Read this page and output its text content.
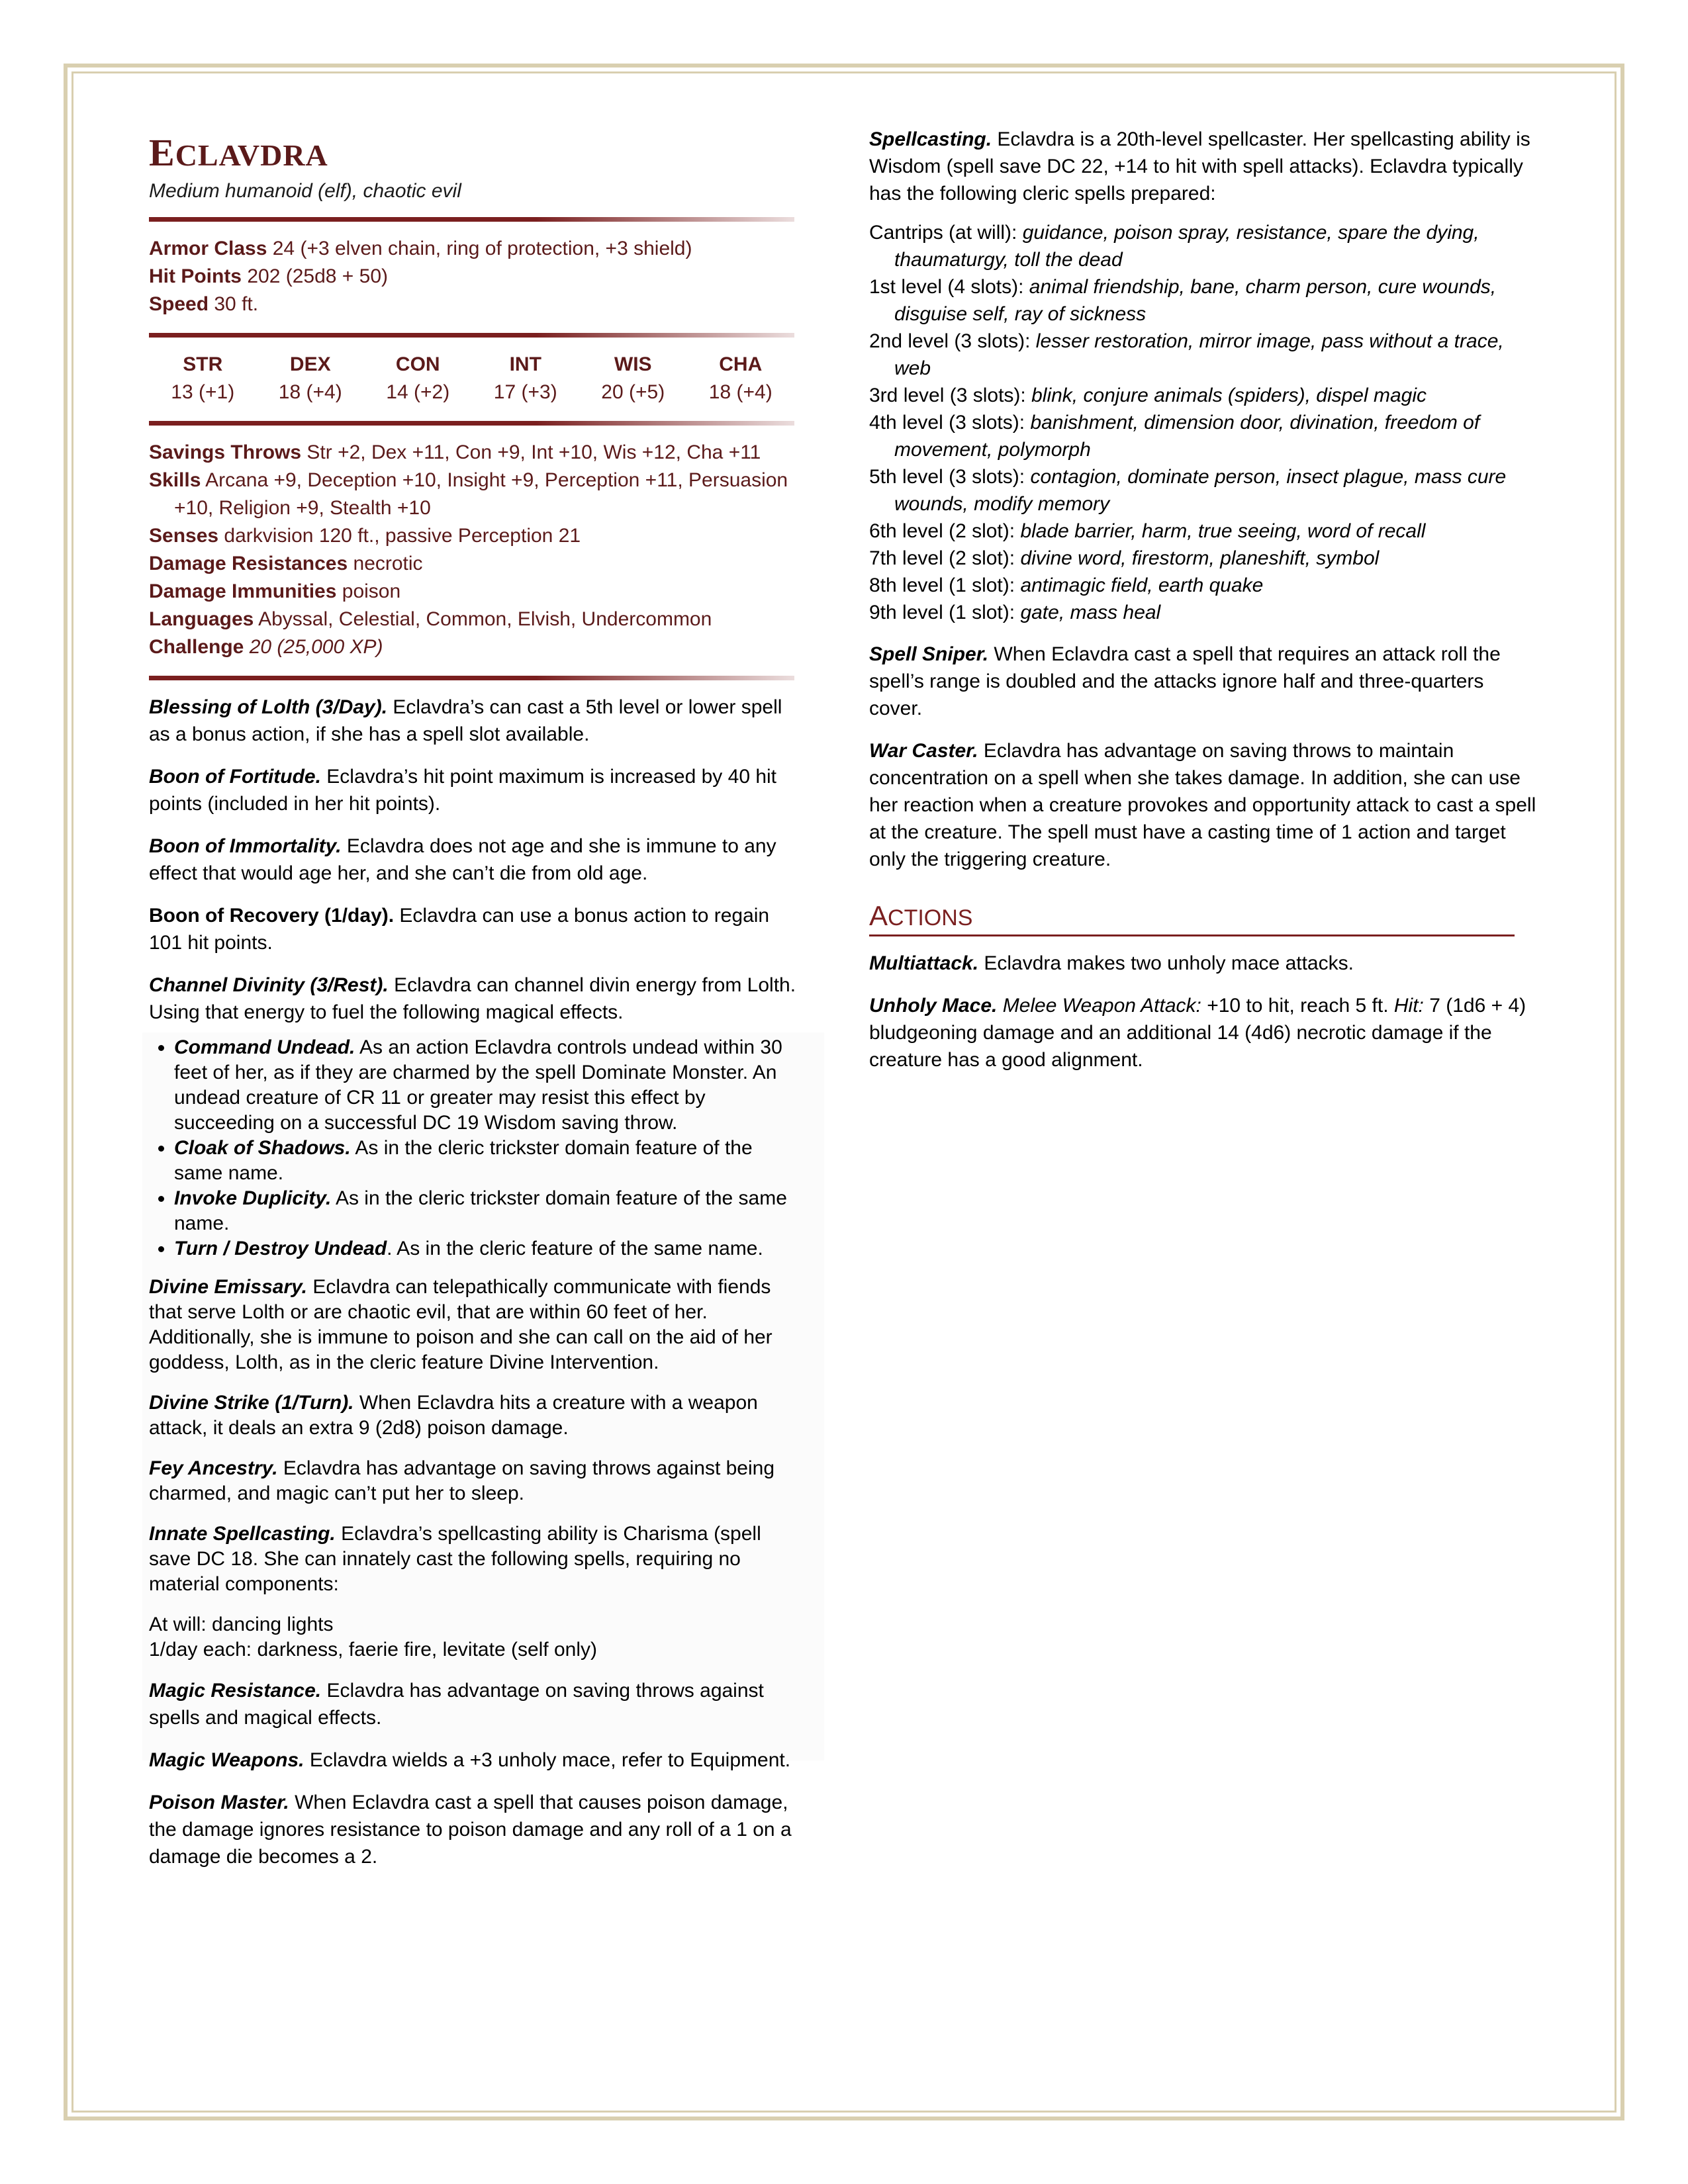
ECLAVDRA
Medium humanoid (elf), chaotic evil
Armor Class 24 (+3 elven chain, ring of protection, +3 shield)
Hit Points 202 (25d8 + 50)
Speed 30 ft.
STR
13 (+1)
DEX
18 (+4)
CON
14 (+2)
INT
17 (+3)
WIS
20 (+5)
CHA
18 (+4)
Savings Throws Str +2, Dex +11, Con +9, Int +10, Wis +12, Cha +11
Skills Arcana +9, Deception +10, Insight +9, Perception +11, Persuasion +10, Religion +9, Stealth +10
Senses darkvision 120 ft., passive Perception 21
Damage Resistances necrotic
Damage Immunities poison
Languages Abyssal, Celestial, Common, Elvish, Undercommon
Challenge 20 (25,000 XP)

Blessing of Lolth (3/Day). Eclavdra’s can cast a 5th level or lower spell as a bonus action, if she has a spell slot available.

Boon of Fortitude. Eclavdra’s hit point maximum is increased by 40 hit points (included in her hit points).

Boon of Immortality. Eclavdra does not age and she is immune to any effect that would age her, and she can’t die from old age.

Boon of Recovery (1/day). Eclavdra can use a bonus action to regain 101 hit points.

Channel Divinity (3/Rest). Eclavdra can channel divin energy from Lolth. Using that energy to fuel the following magical effects.

• Command Undead. As an action Eclavdra controls undead within 30 feet of her, as if they are charmed by the spell Dominate Monster. An undead creature of CR 11 or greater may resist this effect by succeeding on a successful DC 19 Wisdom saving throw.
• Cloak of Shadows. As in the cleric trickster domain feature of the same name.
• Invoke Duplicity. As in the cleric trickster domain feature of the same name.
• Turn / Destroy Undead. As in the cleric feature of the same name.

Divine Emissary. Eclavdra can telepathically communicate with fiends that serve Lolth or are chaotic evil, that are within 60 feet of her. Additionally, she is immune to poison and she can call on the aid of her goddess, Lolth, as in the cleric feature Divine Intervention.

Divine Strike (1/Turn). When Eclavdra hits a creature with a weapon attack, it deals an extra 9 (2d8) poison damage.

Fey Ancestry. Eclavdra has advantage on saving throws against being charmed, and magic can’t put her to sleep.

Innate Spellcasting. Eclavdra’s spellcasting ability is Charisma (spell save DC 18. She can innately cast the following spells, requiring no material components:

At will: dancing lights
1/day each: darkness, faerie fire, levitate (self only)

Magic Resistance. Eclavdra has advantage on saving throws against spells and magical effects.

Magic Weapons. Eclavdra wields a +3 unholy mace, refer to Equipment.

Poison Master. When Eclavdra cast a spell that causes poison damage, the damage ignores resistance to poison damage and any roll of a 1 on a damage die becomes a 2.

Spellcasting. Eclavdra is a 20th-level spellcaster. Her spellcasting ability is Wisdom (spell save DC 22, +14 to hit with spell attacks). Eclavdra typically has the following cleric spells prepared:

Cantrips (at will): guidance, poison spray, resistance, spare the dying, thaumaturgy, toll the dead
1st level (4 slots): animal friendship, bane, charm person, cure wounds, disguise self, ray of sickness
2nd level (3 slots): lesser restoration, mirror image, pass without a trace, web
3rd level (3 slots): blink, conjure animals (spiders), dispel magic
4th level (3 slots): banishment, dimension door, divination, freedom of movement, polymorph
5th level (3 slots): contagion, dominate person, insect plague, mass cure wounds, modify memory
6th level (2 slot): blade barrier, harm, true seeing, word of recall
7th level (2 slot): divine word, firestorm, planeshift, symbol
8th level (1 slot): antimagic field, earth quake
9th level (1 slot): gate, mass heal

Spell Sniper. When Eclavdra cast a spell that requires an attack roll the spell’s range is doubled and the attacks ignore half and three-quarters cover.

War Caster. Eclavdra has advantage on saving throws to maintain concentration on a spell when she takes damage. In addition, she can use her reaction when a creature provokes and opportunity attack to cast a spell at the creature. The spell must have a casting time of 1 action and target only the triggering creature.

ACTIONS

Multiattack. Eclavdra makes two unholy mace attacks.

Unholy Mace. Melee Weapon Attack: +10 to hit, reach 5 ft. Hit: 7 (1d6 + 4) bludgeoning damage and an additional 14 (4d6) necrotic damage if the creature has a good alignment.
